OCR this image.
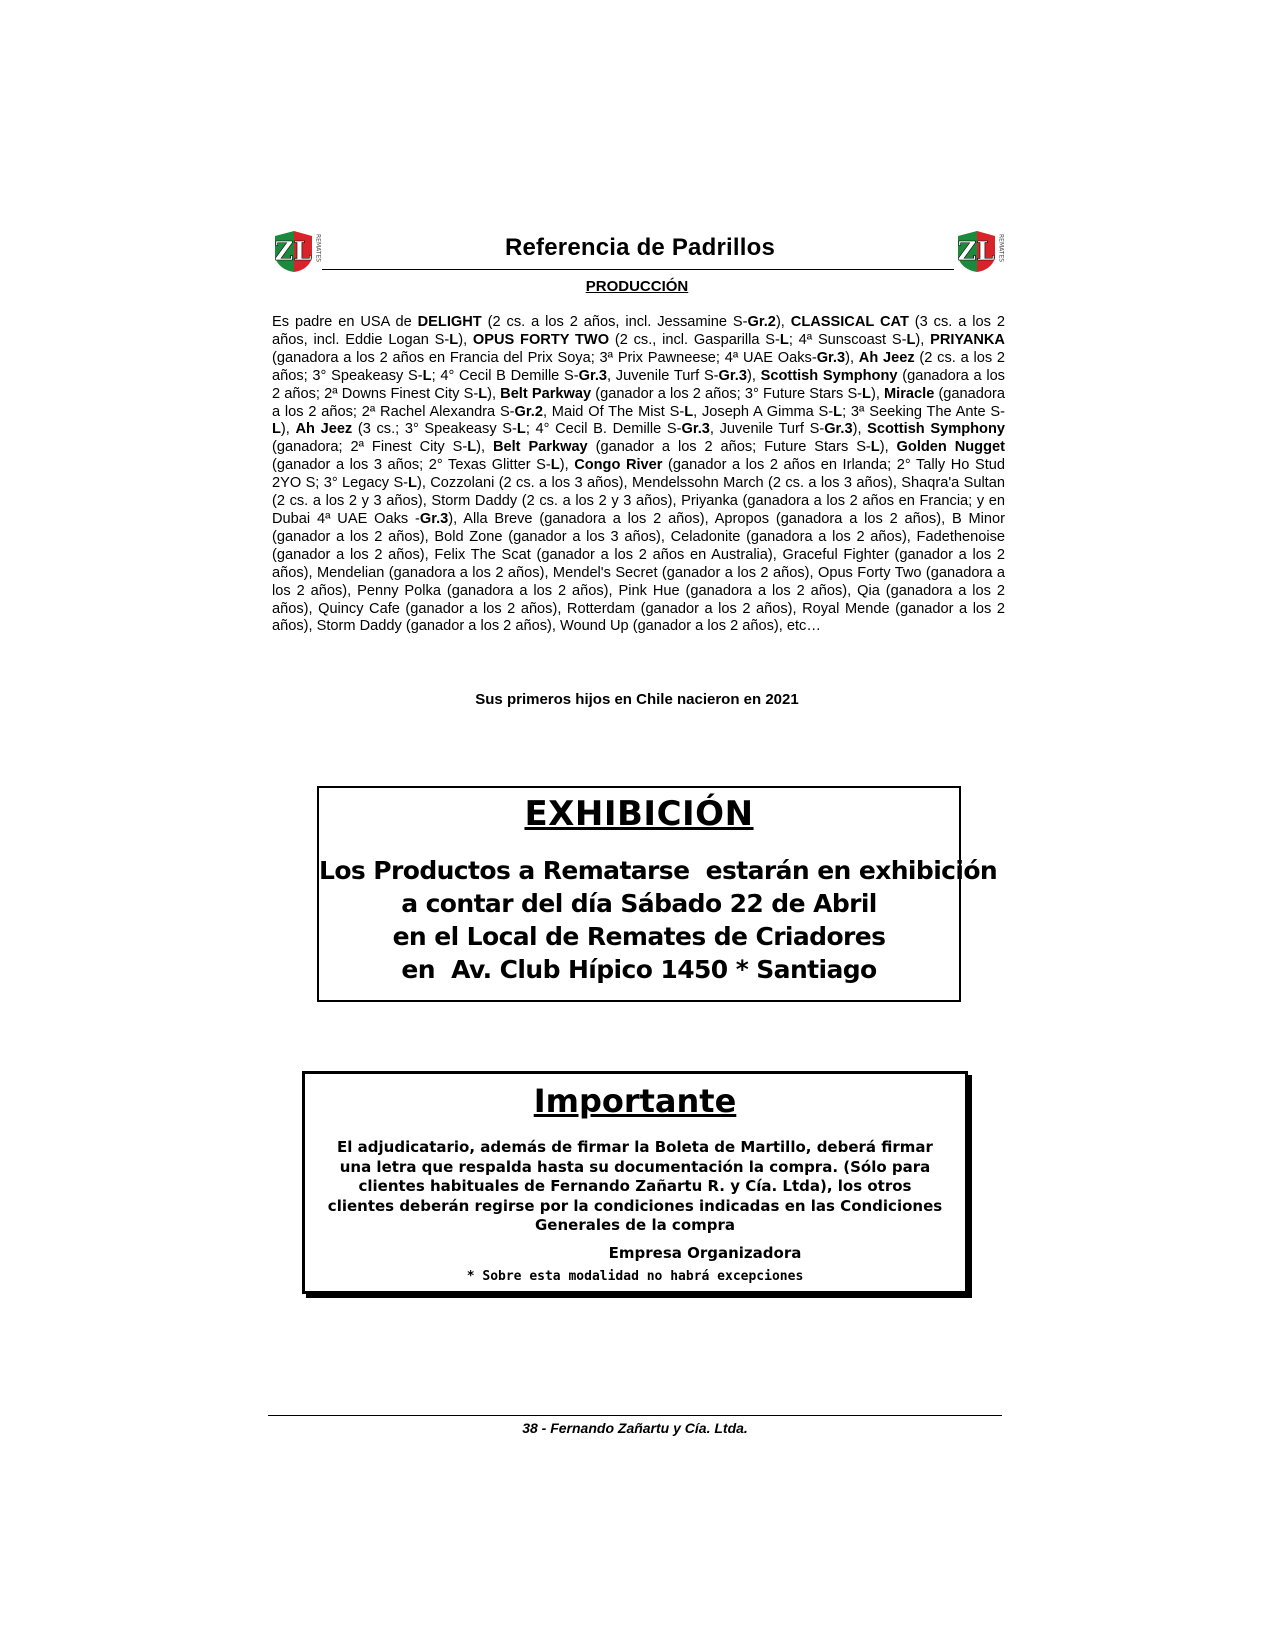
ZL REMATES	Referencia de Padrillos	ZL REMATES
PRODUCCIÓN
Es padre en USA de DELIGHT (2 cs. a los 2 años, incl. Jessamine S-Gr.2), CLASSICAL CAT (3 cs. a los 2 años, incl. Eddie Logan S-L), OPUS FORTY TWO (2 cs., incl. Gasparilla S-L; 4ª Sunscoast S-L), PRIYANKA (ganadora a los 2 años en Francia del Prix Soya; 3ª Prix Pawneese; 4ª UAE Oaks-Gr.3), Ah Jeez (2 cs. a los 2 años; 3° Speakeasy S-L; 4° Cecil B Demille S-Gr.3, Juvenile Turf S-Gr.3), Scottish Symphony (ganadora a los 2 años; 2ª Downs Finest City S-L), Belt Parkway (ganador a los 2 años; 3° Future Stars S-L), Miracle (ganadora a los 2 años; 2ª Rachel Alexandra S-Gr.2, Maid Of The Mist S-L, Joseph A Gimma S-L; 3ª Seeking The Ante S-L), Ah Jeez (3 cs.; 3° Speakeasy S-L; 4° Cecil B. Demille S-Gr.3, Juvenile Turf S-Gr.3), Scottish Symphony (ganadora; 2ª Finest City S-L), Belt Parkway (ganador a los 2 años; Future Stars S-L), Golden Nugget (ganador a los 3 años; 2° Texas Glitter S-L), Congo River (ganador a los 2 años en Irlanda; 2° Tally Ho Stud 2YO S; 3° Legacy S-L), Cozzolani (2 cs. a los 3 años), Mendelssohn March (2 cs. a los 3 años), Shaqra'a Sultan (2 cs. a los 2 y 3 años), Storm Daddy (2 cs. a los 2 y 3 años), Priyanka (ganadora a los 2 años en Francia; y en Dubai 4ª UAE Oaks -Gr.3), Alla Breve (ganadora a los 2 años), Apropos (ganadora a los 2 años), B Minor (ganador a los 2 años), Bold Zone (ganador a los 3 años), Celadonite (ganadora a los 2 años), Fadethenoise (ganador a los 2 años), Felix The Scat (ganador a los 2 años en Australia), Graceful Fighter (ganador a los 2 años), Mendelian (ganadora a los 2 años), Mendel's Secret (ganador a los 2 años), Opus Forty Two (ganadora a los 2 años), Penny Polka (ganadora a los 2 años), Pink Hue (ganadora a los 2 años), Qia (ganadora a los 2 años), Quincy Cafe (ganador a los 2 años), Rotterdam (ganador a los 2 años), Royal Mende (ganador a los 2 años), Storm Daddy (ganador a los 2 años), Wound Up (ganador a los 2 años), etc…
Sus primeros hijos en Chile nacieron en 2021
EXHIBICIÓN
Los Productos a Rematarse  estarán en exhibición
a contar del día Sábado 22 de Abril
en el Local de Remates de Criadores
en  Av. Club Hípico 1450 * Santiago
Importante
El adjudicatario, además de firmar la Boleta de Martillo, deberá firmar una letra que respalda hasta su documentación la compra. (Sólo para clientes habituales de Fernando Zañartu R. y Cía. Ltda), los otros clientes deberán regirse por la condiciones indicadas en las Condiciones Generales de la compra
Empresa Organizadora
* Sobre esta modalidad no habrá excepciones
38 - Fernando Zañartu y Cía. Ltda.
